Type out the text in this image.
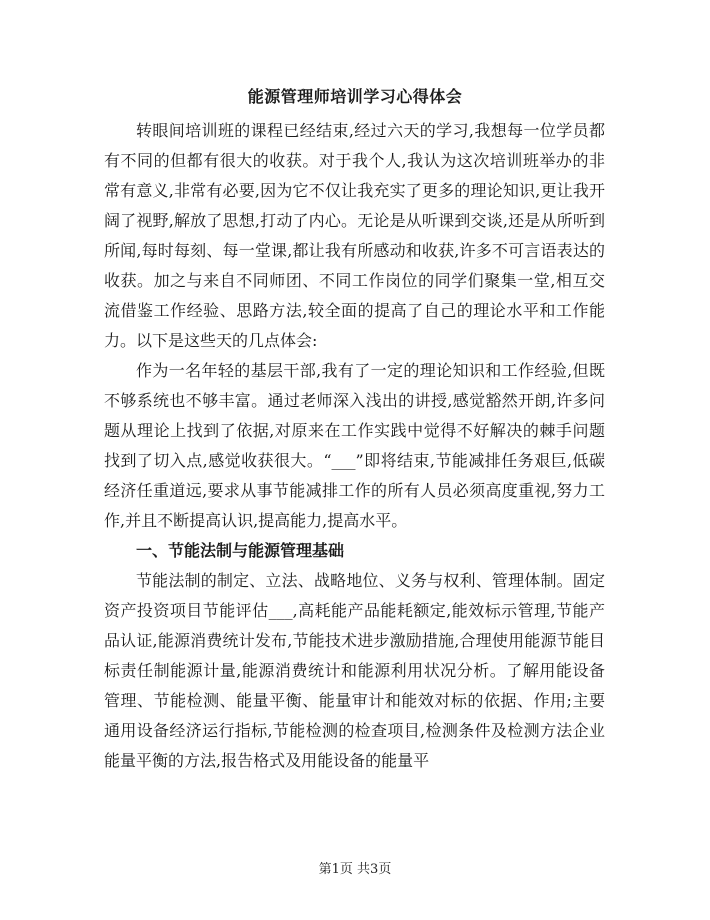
能源管理师培训学习心得体会

转眼间培训班的课程已经结束,经过六天的学习,我想每一位学员都有不同的但都有很大的收获。对于我个人,我认为这次培训班举办的非常有意义,非常有必要,因为它不仅让我充实了更多的理论知识,更让我开阔了视野,解放了思想,打动了内心。无论是从听课到交谈,还是从所听到所闻,每时每刻、每一堂课,都让我有所感动和收获,许多不可言语表达的收获。加之与来自不同师团、不同工作岗位的同学们聚集一堂,相互交流借鉴工作经验、思路方法,较全面的提高了自己的理论水平和工作能力。以下是这些天的几点体会:

作为一名年轻的基层干部,我有了一定的理论知识和工作经验,但既不够系统也不够丰富。通过老师深入浅出的讲授,感觉豁然开朗,许多问题从理论上找到了依据,对原来在工作实践中觉得不好解决的棘手问题找到了切入点,感觉收获很大。“___”即将结束,节能减排任务艰巨,低碳经济任重道远,要求从事节能减排工作的所有人员必须高度重视,努力工作,并且不断提高认识,提高能力,提高水平。

一、节能法制与能源管理基础

节能法制的制定、立法、战略地位、义务与权利、管理体制。固定资产投资项目节能评估___,高耗能产品能耗额定,能效标示管理,节能产品认证,能源消费统计发布,节能技术进步激励措施,合理使用能源节能目标责任制能源计量,能源消费统计和能源利用状况分析。了解用能设备管理、节能检测、能量平衡、能量审计和能效对标的依据、作用;主要通用设备经济运行指标,节能检测的检查项目,检测条件及检测方法企业能量平衡的方法,报告格式及用能设备的能量平

第1页 共3页
